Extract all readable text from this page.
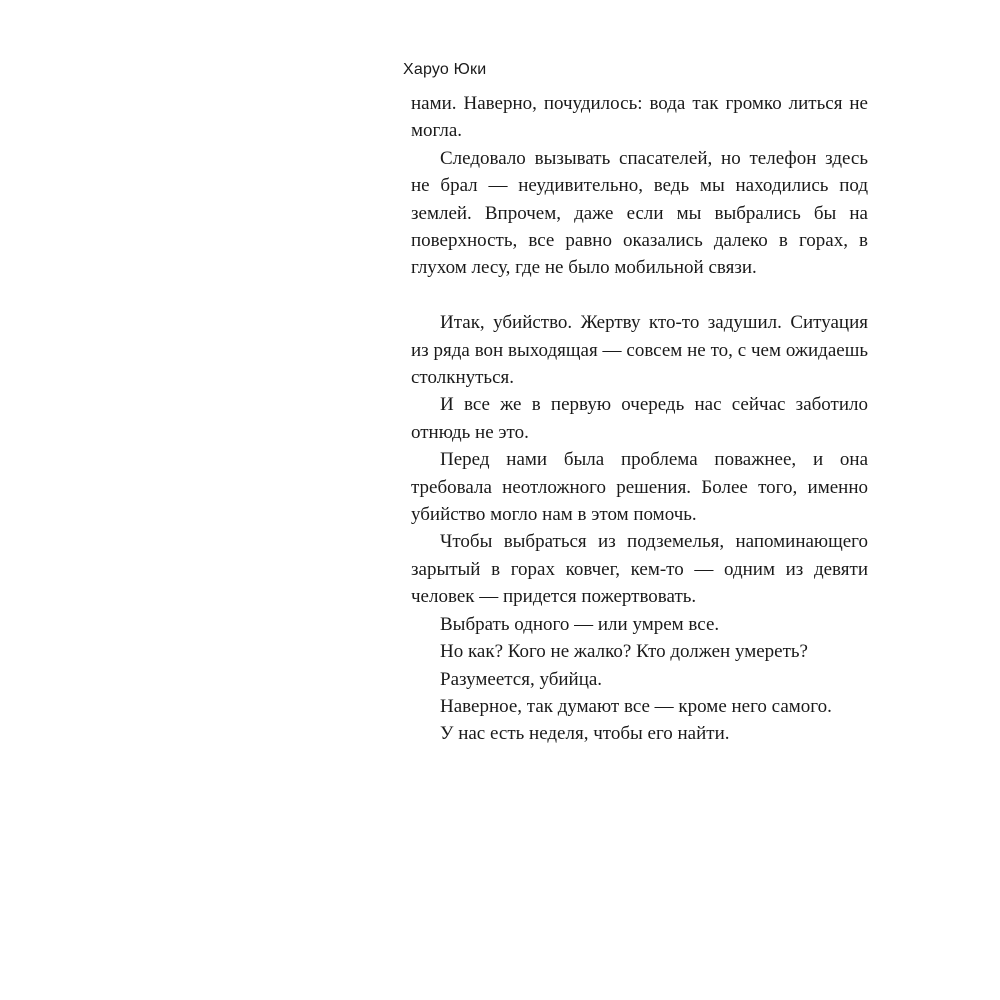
Харуо Юки

нами. Наверно, почудилось: вода так громко литься не могла.

Следовало вызывать спасателей, но телефон здесь не брал — неудивительно, ведь мы находились под землей. Впрочем, даже если мы выбрались бы на поверхность, все равно оказались далеко в горах, в глухом лесу, где не было мобильной связи.

Итак, убийство. Жертву кто-то задушил. Ситуация из ряда вон выходящая — совсем не то, с чем ожидаешь столкнуться.

И все же в первую очередь нас сейчас заботило отнюдь не это.

Перед нами была проблема поважнее, и она требовала неотложного решения. Более того, именно убийство могло нам в этом помочь.

Чтобы выбраться из подземелья, напоминающего зарытый в горах ковчег, кем-то — одним из девяти человек — придется пожертвовать.

Выбрать одного — или умрем все.

Но как? Кого не жалко? Кто должен умереть?

Разумеется, убийца.

Наверное, так думают все — кроме него самого.

У нас есть неделя, чтобы его найти.
